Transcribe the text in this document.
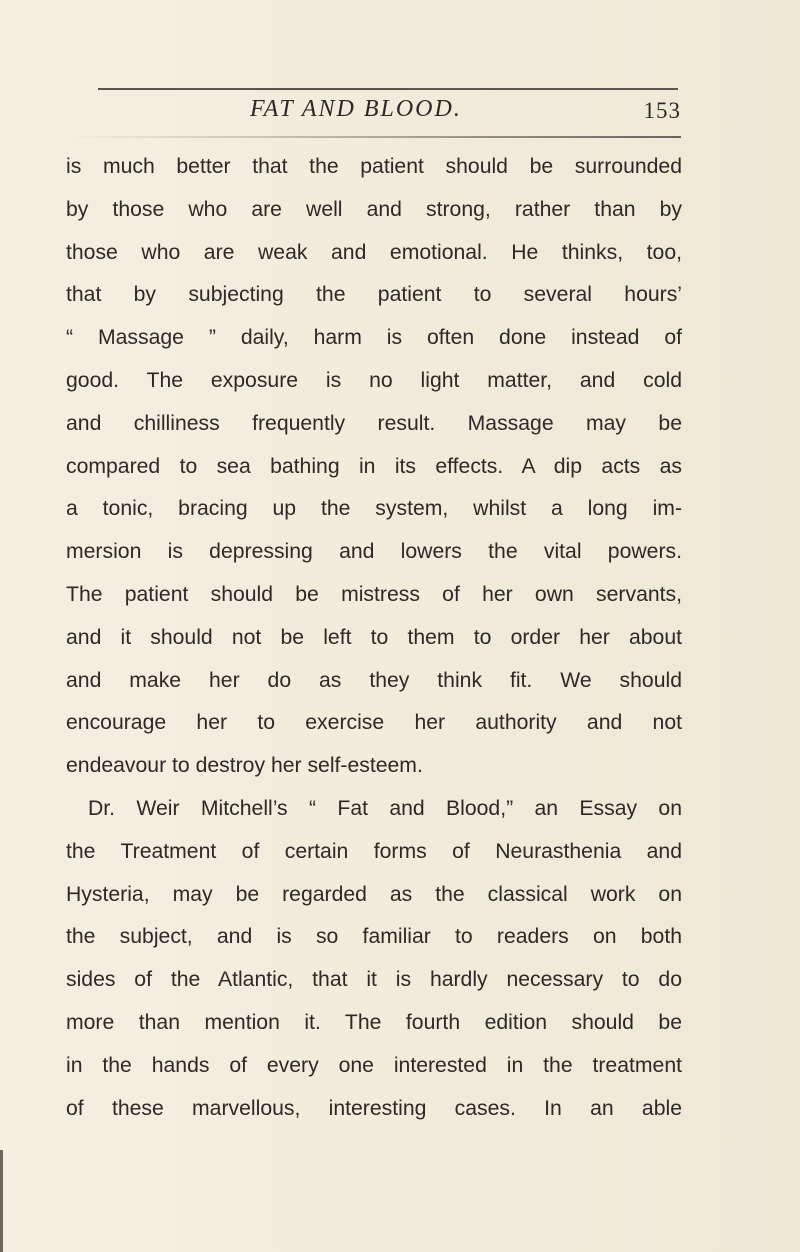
FAT AND BLOOD.	153
is much better that the patient should be surrounded
by those who are well and strong, rather than by
those who are weak and emotional. He thinks, too,
that by subjecting the patient to several hours’
“ Massage ” daily, harm is often done instead of
good. The exposure is no light matter, and cold
and chilliness frequently result. Massage may be
compared to sea bathing in its effects. A dip acts as
a tonic, bracing up the system, whilst a long im-
mersion is depressing and lowers the vital powers.
The patient should be mistress of her own servants,
and it should not be left to them to order her about
and make her do as they think fit. We should
encourage her to exercise her authority and not
endeavour to destroy her self-esteem.
Dr. Weir Mitchell’s “ Fat and Blood,” an Essay on
the Treatment of certain forms of Neurasthenia and
Hysteria, may be regarded as the classical work on
the subject, and is so familiar to readers on both
sides of the Atlantic, that it is hardly necessary to do
more than mention it. The fourth edition should be
in the hands of every one interested in the treatment
of these marvellous, interesting cases. In an able
